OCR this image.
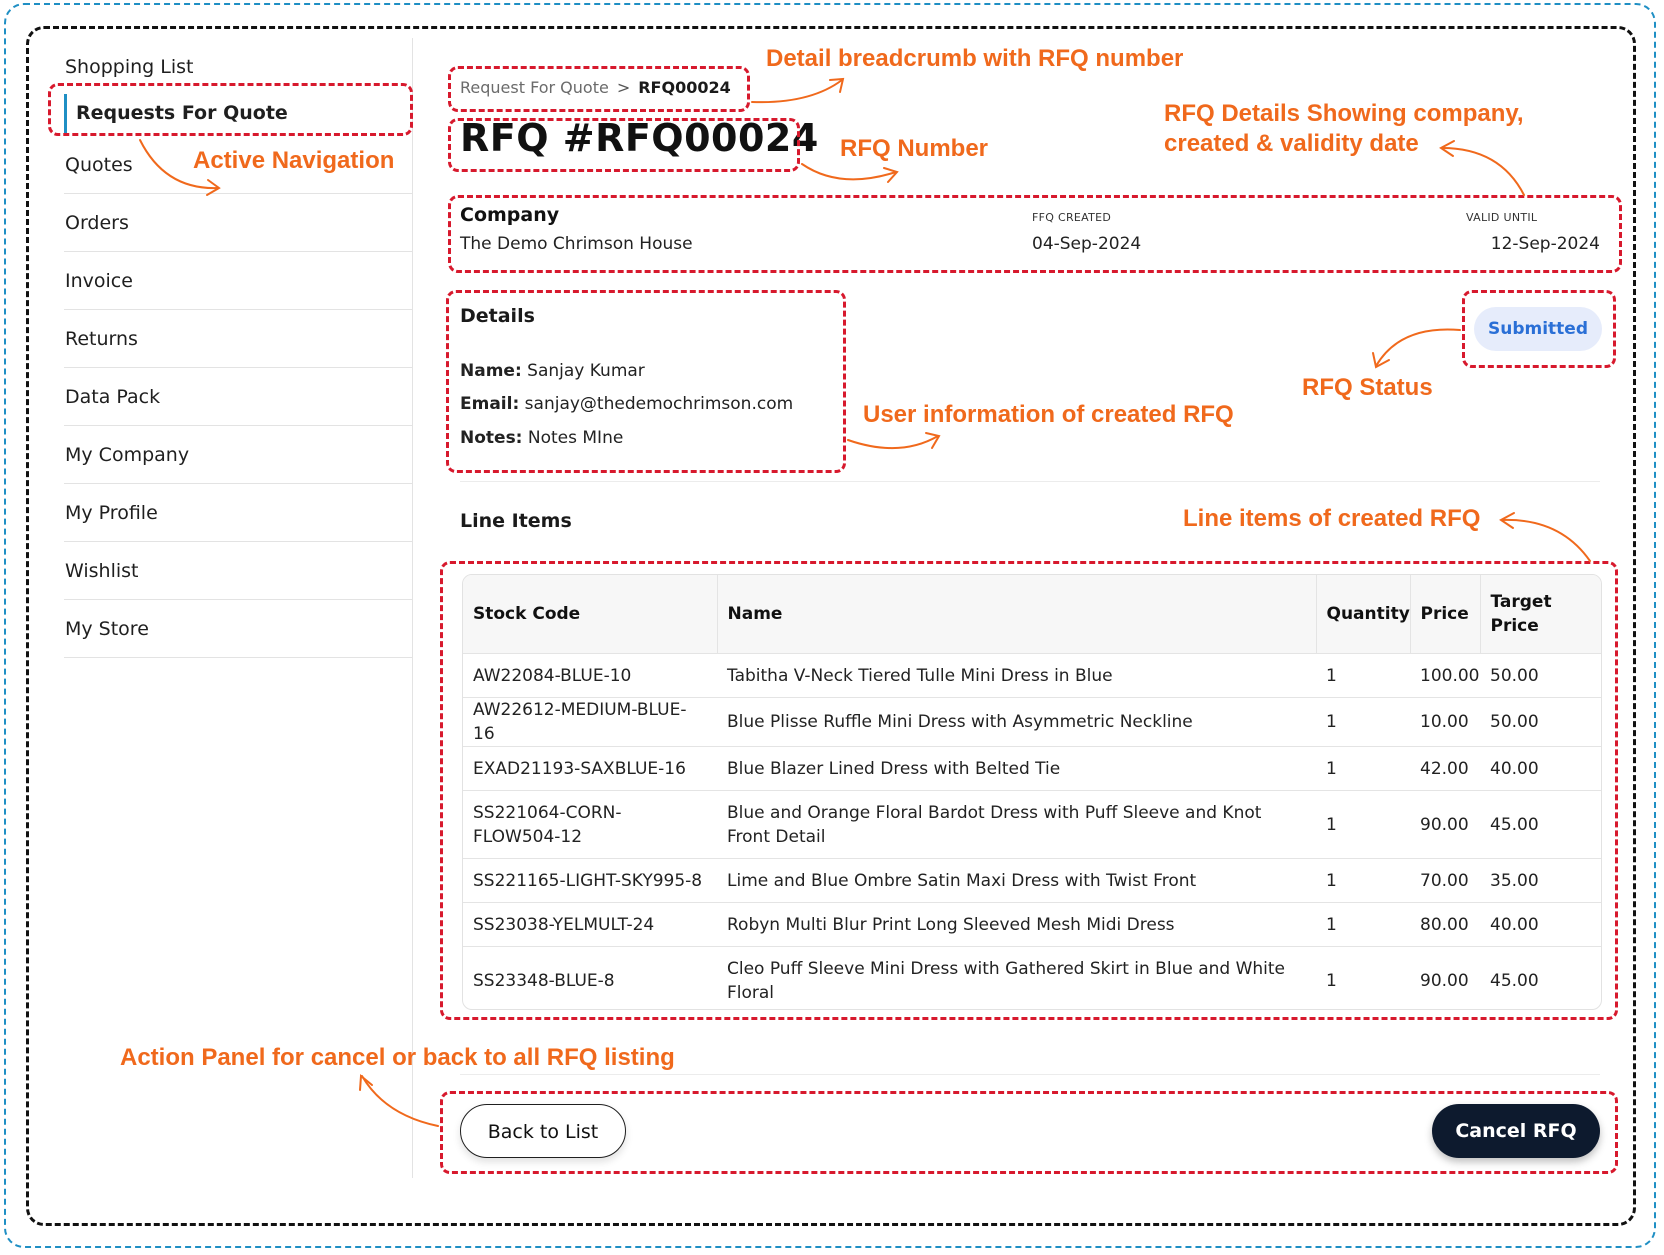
Shopping List
Requests For Quote
Quotes
Orders
Invoice
Returns
Data Pack
My Company
My Profile
Wishlist
My Store
Request For Quote > RFQ00024
RFQ #RFQ00024
Company
The Demo Chrimson House
FFQ CREATED
04-Sep-2024
VALID UNTIL
12-Sep-2024
Details
Name: Sanjay Kumar
Email: sanjay@thedemochrimson.com
Notes: Notes MIne
Submitted
Line Items
Stock Code	Name	Quantity	Price	Target Price
AW22084-BLUE-10	Tabitha V-Neck Tiered Tulle Mini Dress in Blue	1	100.00	50.00
AW22612-MEDIUM-BLUE-16	Blue Plisse Ruffle Mini Dress with Asymmetric Neckline	1	10.00	50.00
EXAD21193-SAXBLUE-16	Blue Blazer Lined Dress with Belted Tie	1	42.00	40.00
SS221064-CORN-FLOW504-12	Blue and Orange Floral Bardot Dress with Puff Sleeve and Knot Front Detail	1	90.00	45.00
SS221165-LIGHT-SKY995-8	Lime and Blue Ombre Satin Maxi Dress with Twist Front	1	70.00	35.00
SS23038-YELMULT-24	Robyn Multi Blur Print Long Sleeved Mesh Midi Dress	1	80.00	40.00
SS23348-BLUE-8	Cleo Puff Sleeve Mini Dress with Gathered Skirt in Blue and White Floral	1	90.00	45.00
Back to List	Cancel RFQ
Detail breadcrumb with RFQ number
RFQ Number
Active Navigation
RFQ Details Showing company,
created & validity date
RFQ Status
User information of created RFQ
Line items of created RFQ
Action Panel for cancel or back to all RFQ listing
